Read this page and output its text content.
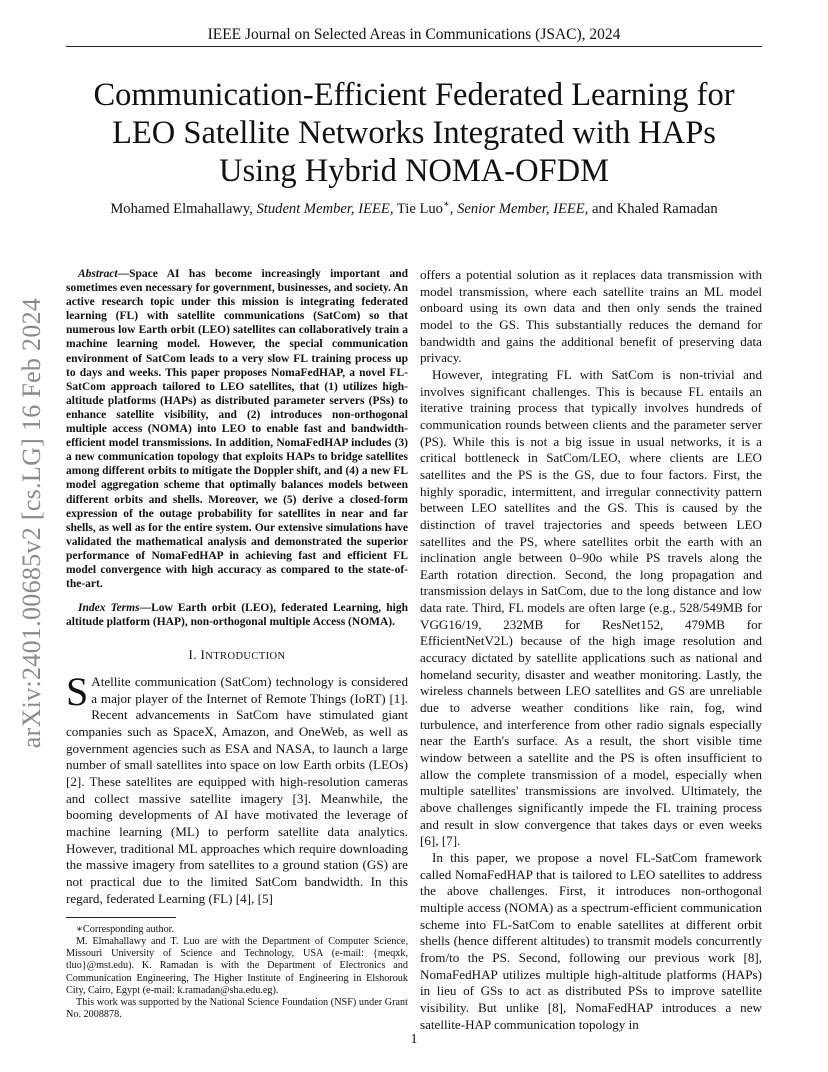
IEEE Journal on Selected Areas in Communications (JSAC), 2024
Communication-Efficient Federated Learning for
LEO Satellite Networks Integrated with HAPs
Using Hybrid NOMA-OFDM
Mohamed Elmahallawy, Student Member, IEEE, Tie Luo∗, Senior Member, IEEE, and Khaled Ramadan
arXiv:2401.00685v2 [cs.LG] 16 Feb 2024

Abstract—Space AI has become increasingly important and sometimes even necessary for government, businesses, and society. An active research topic under this mission is integrating federated learning (FL) with satellite communications (SatCom) so that numerous low Earth orbit (LEO) satellites can collaboratively train a machine learning model. However, the special communication environment of SatCom leads to a very slow FL training process up to days and weeks. This paper proposes NomaFedHAP, a novel FL-SatCom approach tailored to LEO satellites, that (1) utilizes high-altitude platforms (HAPs) as distributed parameter servers (PSs) to enhance satellite visibility, and (2) introduces non-orthogonal multiple access (NOMA) into LEO to enable fast and bandwidth-efficient model transmissions. In addition, NomaFedHAP includes (3) a new communication topology that exploits HAPs to bridge satellites among different orbits to mitigate the Doppler shift, and (4) a new FL model aggregation scheme that optimally balances models between different orbits and shells. Moreover, we (5) derive a closed-form expression of the outage probability for satellites in near and far shells, as well as for the entire system. Our extensive simulations have validated the mathematical analysis and demonstrated the superior performance of NomaFedHAP in achieving fast and efficient FL model convergence with high accuracy as compared to the state-of-the-art.

Index Terms—Low Earth orbit (LEO), federated Learning, high altitude platform (HAP), non-orthogonal multiple Access (NOMA).

I. INTRODUCTION

S Atellite communication (SatCom) technology is considered a major player of the Internet of Remote Things (IoRT) [1]. Recent advancements in SatCom have stimulated giant companies such as SpaceX, Amazon, and OneWeb, as well as government agencies such as ESA and NASA, to launch a large number of small satellites into space on low Earth orbits (LEOs) [2]. These satellites are equipped with high-resolution cameras and collect massive satellite imagery [3]. Meanwhile, the booming developments of AI have motivated the leverage of machine learning (ML) to perform satellite data analytics. However, traditional ML approaches which require downloading the massive imagery from satellites to a ground station (GS) are not practical due to the limited SatCom bandwidth. In this regard, federated Learning (FL) [4], [5]

∗Corresponding author.

M. Elmahallawy and T. Luo are with the Department of Computer Science, Missouri University of Science and Technology, USA (e-mail: {meqxk, tluo}@mst.edu). K. Ramadan is with the Department of Electronics and Communication Engineering, The Higher Institute of Engineering in Elshorouk City, Cairo, Egypt (e-mail: k.ramadan@sha.edu.eg).

This work was supported by the National Science Foundation (NSF) under Grant No. 2008878.

offers a potential solution as it replaces data transmission with model transmission, where each satellite trains an ML model onboard using its own data and then only sends the trained model to the GS. This substantially reduces the demand for bandwidth and gains the additional benefit of preserving data privacy.

However, integrating FL with SatCom is non-trivial and involves significant challenges. This is because FL entails an iterative training process that typically involves hundreds of communication rounds between clients and the parameter server (PS). While this is not a big issue in usual networks, it is a critical bottleneck in SatCom/LEO, where clients are LEO satellites and the PS is the GS, due to four factors. First, the highly sporadic, intermittent, and irregular connectivity pattern between LEO satellites and the GS. This is caused by the distinction of travel trajectories and speeds between LEO satellites and the PS, where satellites orbit the earth with an inclination angle between 0–90o while PS travels along the Earth rotation direction. Second, the long propagation and transmission delays in SatCom, due to the long distance and low data rate. Third, FL models are often large (e.g., 528/549MB for VGG16/19, 232MB for ResNet152, 479MB for EfficientNetV2L) because of the high image resolution and accuracy dictated by satellite applications such as national and homeland security, disaster and weather monitoring. Lastly, the wireless channels between LEO satellites and GS are unreliable due to adverse weather conditions like rain, fog, wind turbulence, and interference from other radio signals especially near the Earth's surface. As a result, the short visible time window between a satellite and the PS is often insufficient to allow the complete transmission of a model, especially when multiple satellites' transmissions are involved. Ultimately, the above challenges significantly impede the FL training process and result in slow convergence that takes days or even weeks [6], [7].

In this paper, we propose a novel FL-SatCom framework called NomaFedHAP that is tailored to LEO satellites to address the above challenges. First, it introduces non-orthogonal multiple access (NOMA) as a spectrum-efficient communication scheme into FL-SatCom to enable satellites at different orbit shells (hence different altitudes) to transmit models concurrently from/to the PS. Second, following our previous work [8], NomaFedHAP utilizes multiple high-altitude platforms (HAPs) in lieu of GSs to act as distributed PSs to improve satellite visibility. But unlike [8], NomaFedHAP introduces a new satellite-HAP communication topology in

1
